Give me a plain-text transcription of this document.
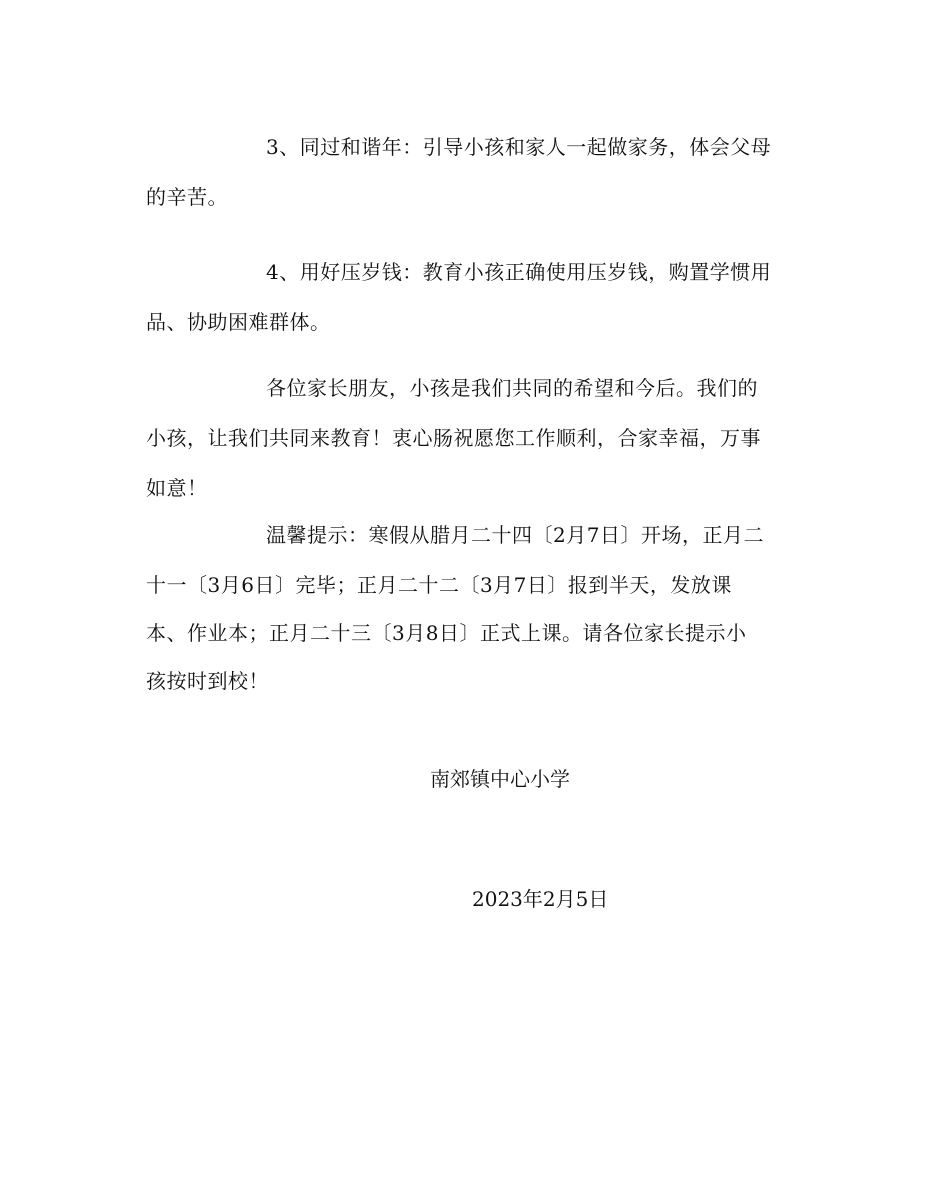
3、同过和谐年：引导小孩和家人一起做家务，体会父母
的辛苦。
4、用好压岁钱：教育小孩正确使用压岁钱，购置学惯用
品、协助困难群体。
各位家长朋友，小孩是我们共同的希望和今后。我们的
小孩，让我们共同来教育！衷心肠祝愿您工作顺利，合家幸福，万事
如意！
温馨提示：寒假从腊月二十四〔2月7日〕开场，正月二
十一〔3月6日〕完毕；正月二十二〔3月7日〕报到半天，发放课
本、作业本；正月二十三〔3月8日〕正式上课。请各位家长提示小
孩按时到校！
南郊镇中心小学
2023年2月5日
